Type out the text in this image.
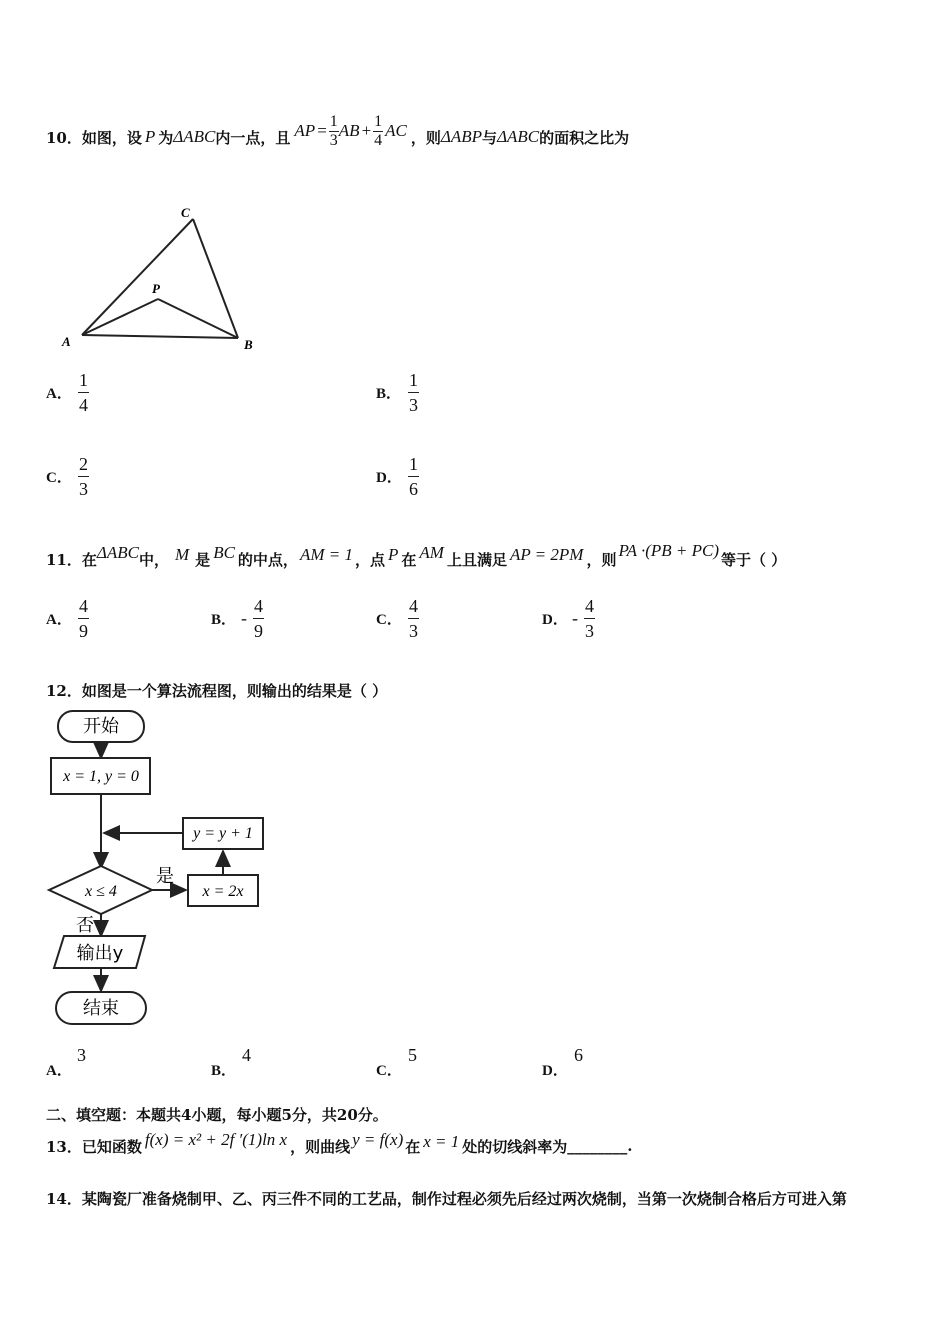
10． 如图，设 P 为 ΔABC 内一点，且 AP = $\frac{1}{3}$ AB + $\frac{1}{4}$ AC ，则 ΔABP 与 ΔABC 的面积之比为
C
P
A	B
A． $\frac{1}{4}$	B． $\frac{1}{3}$
C． $\frac{2}{3}$	D． $\frac{1}{6}$
11． 在 ΔABC 中， M 是 BC 的中点， AM = 1 ，点 P 在 AM 上且满足 AP = 2PM ，则 PA ·(PB + PC) 等于（ ）
A． $\frac{4}{9}$	B． - $\frac{4}{9}$	C． $\frac{4}{3}$	D． - $\frac{4}{3}$
12．如图是一个算法流程图，则输出的结果是（ ）
开始
x = 1, y = 0
y = y + 1
x ≤ 4
是
x = 2x
否
输出y
结束
A．
3
B．
4
C．
5
D．
6
二、填空题：本题共4小题，每小题5分，共20分。
13． 已知函数 f(x) = x² + 2f ′(1)ln x ，则曲线 y = f(x) 在 x = 1 处的切线斜率为 ________ .
14．某陶瓷厂准备烧制甲、乙、丙三件不同的工艺品，制作过程必须先后经过两次烧制，当第一次烧制合格后方可进入第
